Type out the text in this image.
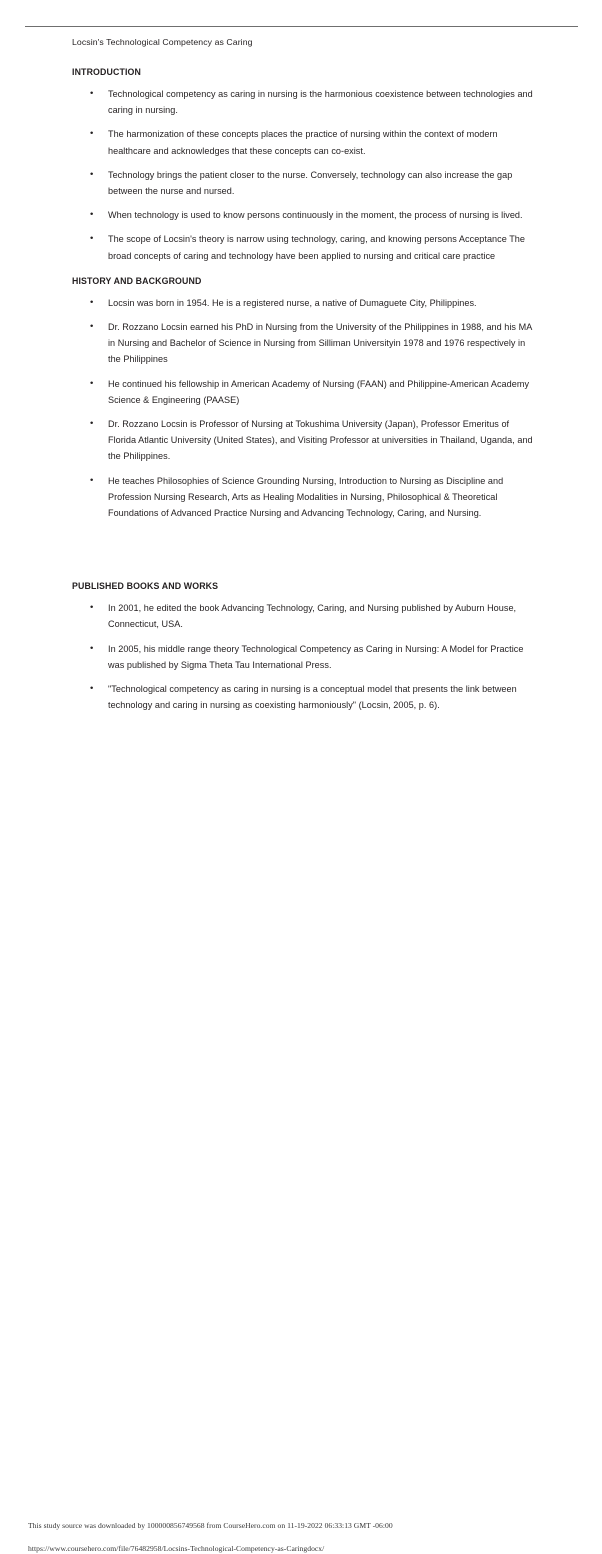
Locsin's Technological Competency as Caring
INTRODUCTION
• Technological competency as caring in nursing is the harmonious coexistence between technologies and caring in nursing.
• The harmonization of these concepts places the practice of nursing within the context of modern healthcare and acknowledges that these concepts can co-exist.
• Technology brings the patient closer to the nurse. Conversely, technology can also increase the gap between the nurse and nursed.
• When technology is used to know persons continuously in the moment, the process of nursing is lived.
• The scope of Locsin's theory is narrow using technology, caring, and knowing persons Acceptance The broad concepts of caring and technology have been applied to nursing and critical care practice
HISTORY AND BACKGROUND
• Locsin was born in 1954. He is a registered nurse, a native of Dumaguete City, Philippines.
• Dr. Rozzano Locsin earned his PhD in Nursing from the University of the Philippines in 1988, and his MA in Nursing and Bachelor of Science in Nursing from Silliman Universityin 1978 and 1976 respectively in the Philippines
• He continued his fellowship in American Academy of Nursing (FAAN) and Philippine-American Academy Science & Engineering (PAASE)
• Dr. Rozzano Locsin is Professor of Nursing at Tokushima University (Japan), Professor Emeritus of Florida Atlantic University (United States), and Visiting Professor at universities in Thailand, Uganda, and the Philippines.
• He teaches Philosophies of Science Grounding Nursing, Introduction to Nursing as Discipline and Profession Nursing Research, Arts as Healing Modalities in Nursing, Philosophical & Theoretical Foundations of Advanced Practice Nursing and Advancing Technology, Caring, and Nursing.
PUBLISHED BOOKS AND WORKS
• In 2001, he edited the book Advancing Technology, Caring, and Nursing published by Auburn House, Connecticut, USA.
• In 2005, his middle range theory Technological Competency as Caring in Nursing: A Model for Practice was published by Sigma Theta Tau International Press.
• "Technological competency as caring in nursing is a conceptual model that presents the link between technology and caring in nursing as coexisting harmoniously" (Locsin, 2005, p. 6).
This study source was downloaded by 100000856749568 from CourseHero.com on 11-19-2022 06:33:13 GMT -06:00
https://www.coursehero.com/file/76482958/Locsins-Technological-Competency-as-Caringdocx/
